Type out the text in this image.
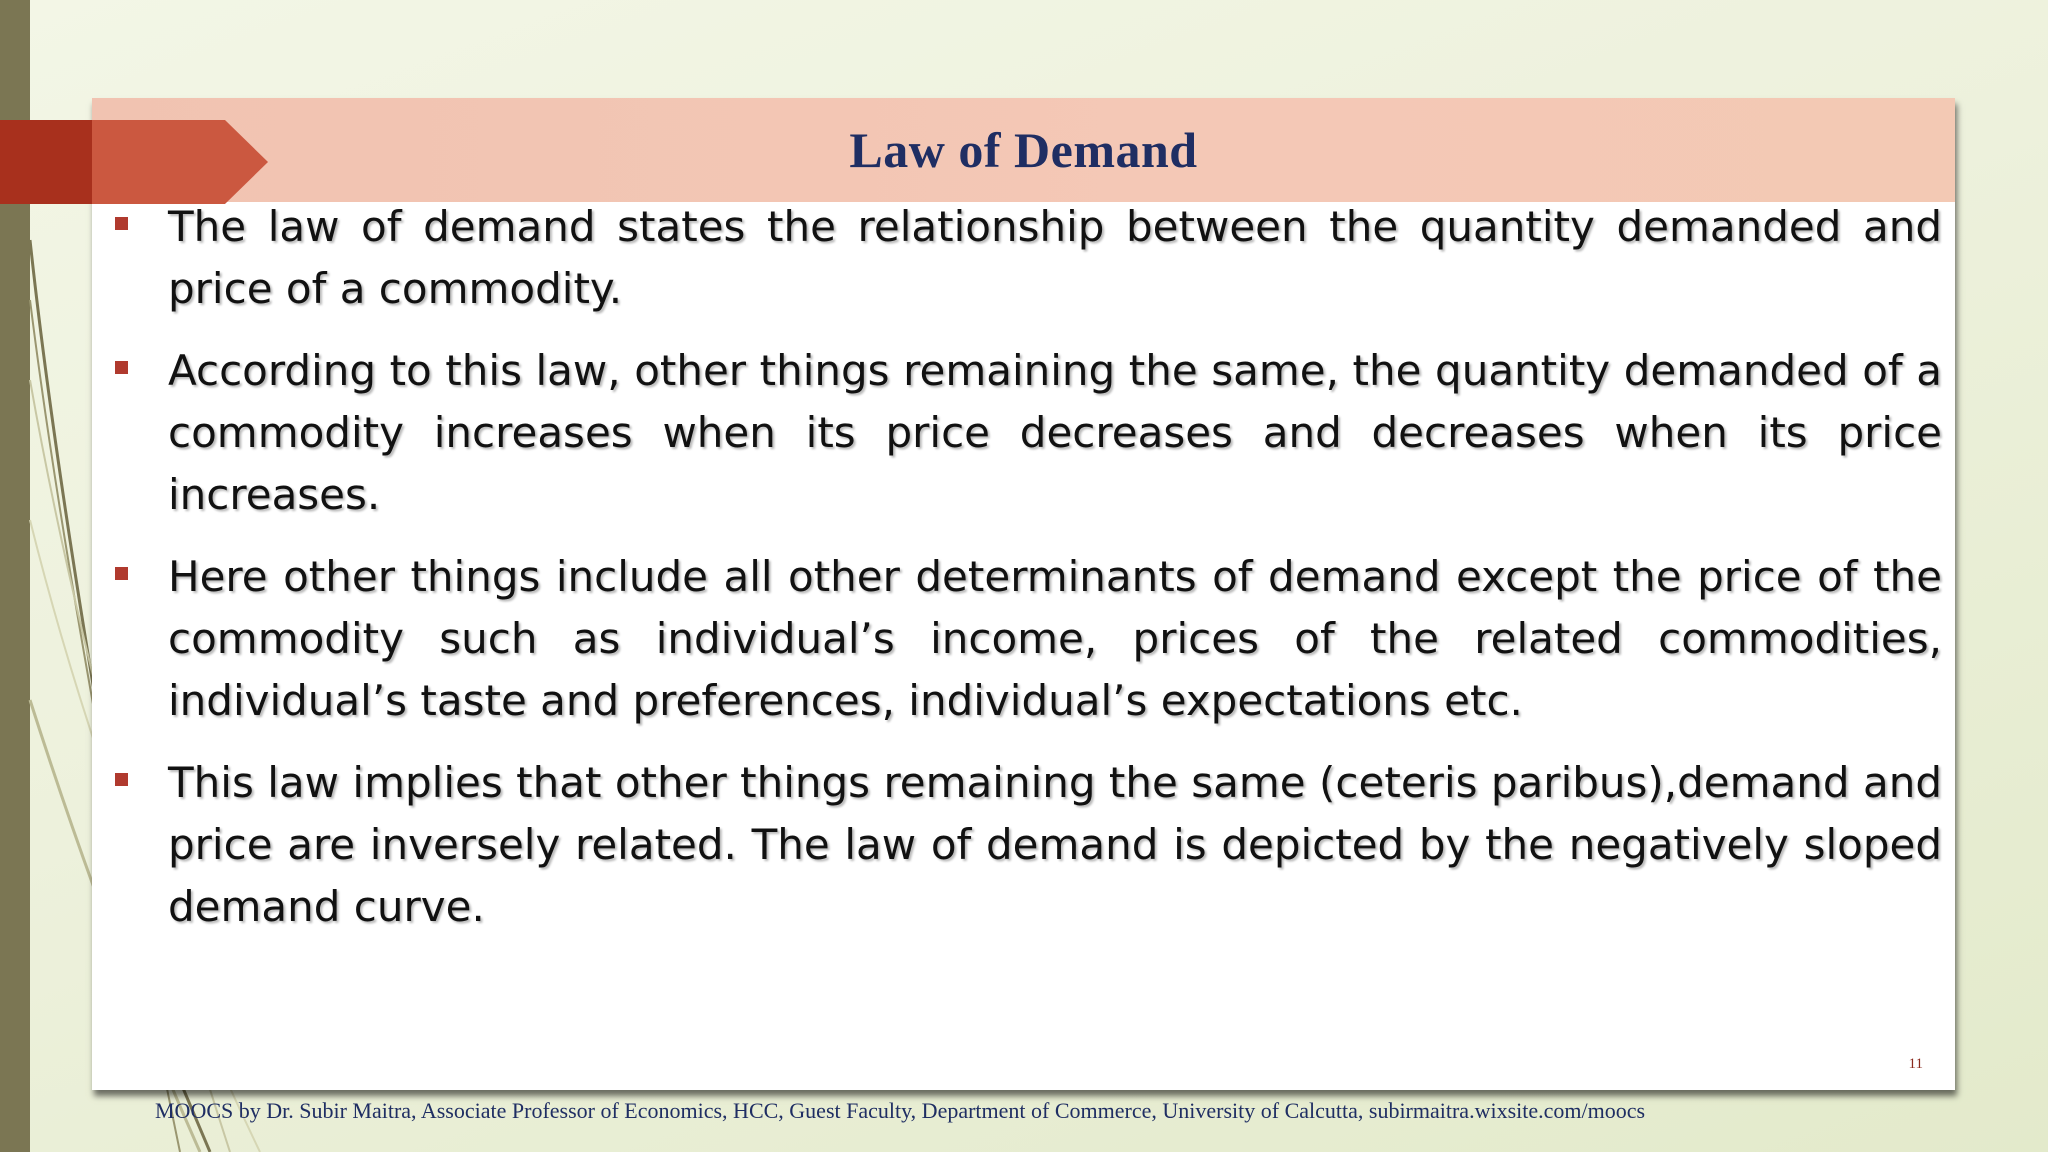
Law of Demand
The law of demand states the relationship between the quantity demanded and price of a commodity.
According to this law, other things remaining the same, the quantity demanded of a commodity increases when its price decreases and decreases when its price increases.
Here other things include all other determinants of demand except the price of the commodity such as individual’s income, prices of the related commodities, individual’s taste and preferences, individual’s expectations etc.
This law implies that other things remaining the same (ceteris paribus),demand and price are inversely related. The law of demand is depicted by the negatively sloped demand curve.
11
MOOCS by Dr. Subir Maitra, Associate Professor of Economics, HCC, Guest Faculty, Department of Commerce, University of Calcutta, subirmaitra.wixsite.com/moocs
